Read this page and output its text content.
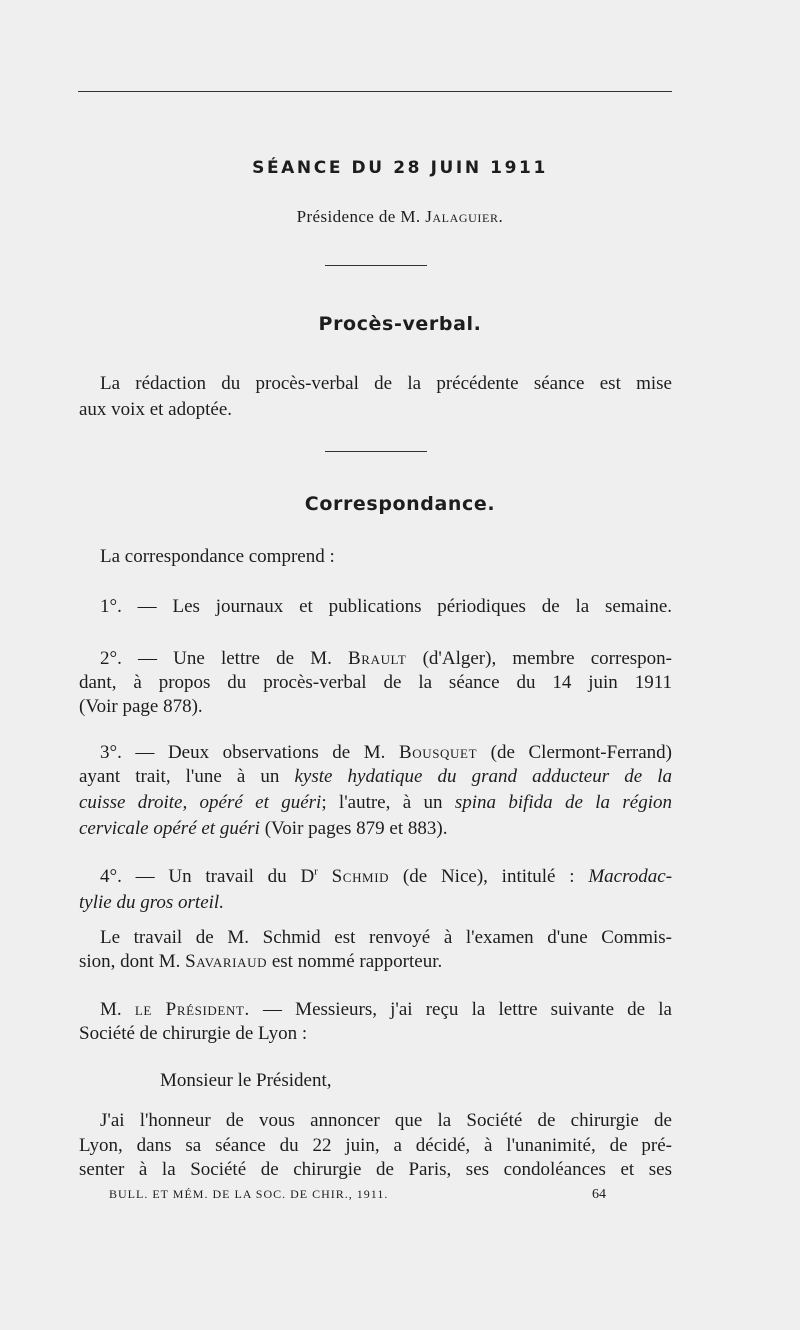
SÉANCE DU 28 JUIN 1911
Présidence de M. Jalaguier.
Procès-verbal.
La rédaction du procès-verbal de la précédente séance est mise
aux voix et adoptée.
Correspondance.
La correspondance comprend :
1°. — Les journaux et publications périodiques de la semaine.
2°. — Une lettre de M. Brault (d'Alger), membre correspon-
dant, à propos du procès-verbal de la séance du 14 juin 1911
(Voir page 878).
3°. — Deux observations de M. Bousquet (de Clermont-Ferrand)
ayant trait, l'une à un kyste hydatique du grand adducteur de la
cuisse droite, opéré et guéri; l'autre, à un spina bifida de la région
cervicale opéré et guéri (Voir pages 879 et 883).
4°. — Un travail du $D^r$ Schmid (de Nice), intitulé : Macrodac-
tylie du gros orteil.
Le travail de M. Schmid est renvoyé à l'examen d'une Commis-
sion, dont M. Savariaud est nommé rapporteur.
M. le Président. — Messieurs, j'ai reçu la lettre suivante de la
Société de chirurgie de Lyon :
Monsieur le Président,
J'ai l'honneur de vous annoncer que la Société de chirurgie de
Lyon, dans sa séance du 22 juin, a décidé, à l'unanimité, de pré-
senter à la Société de chirurgie de Paris, ses condoléances et ses
BULL. ET MÉM. DE LA SOC. DE CHIR., 1911.	64
